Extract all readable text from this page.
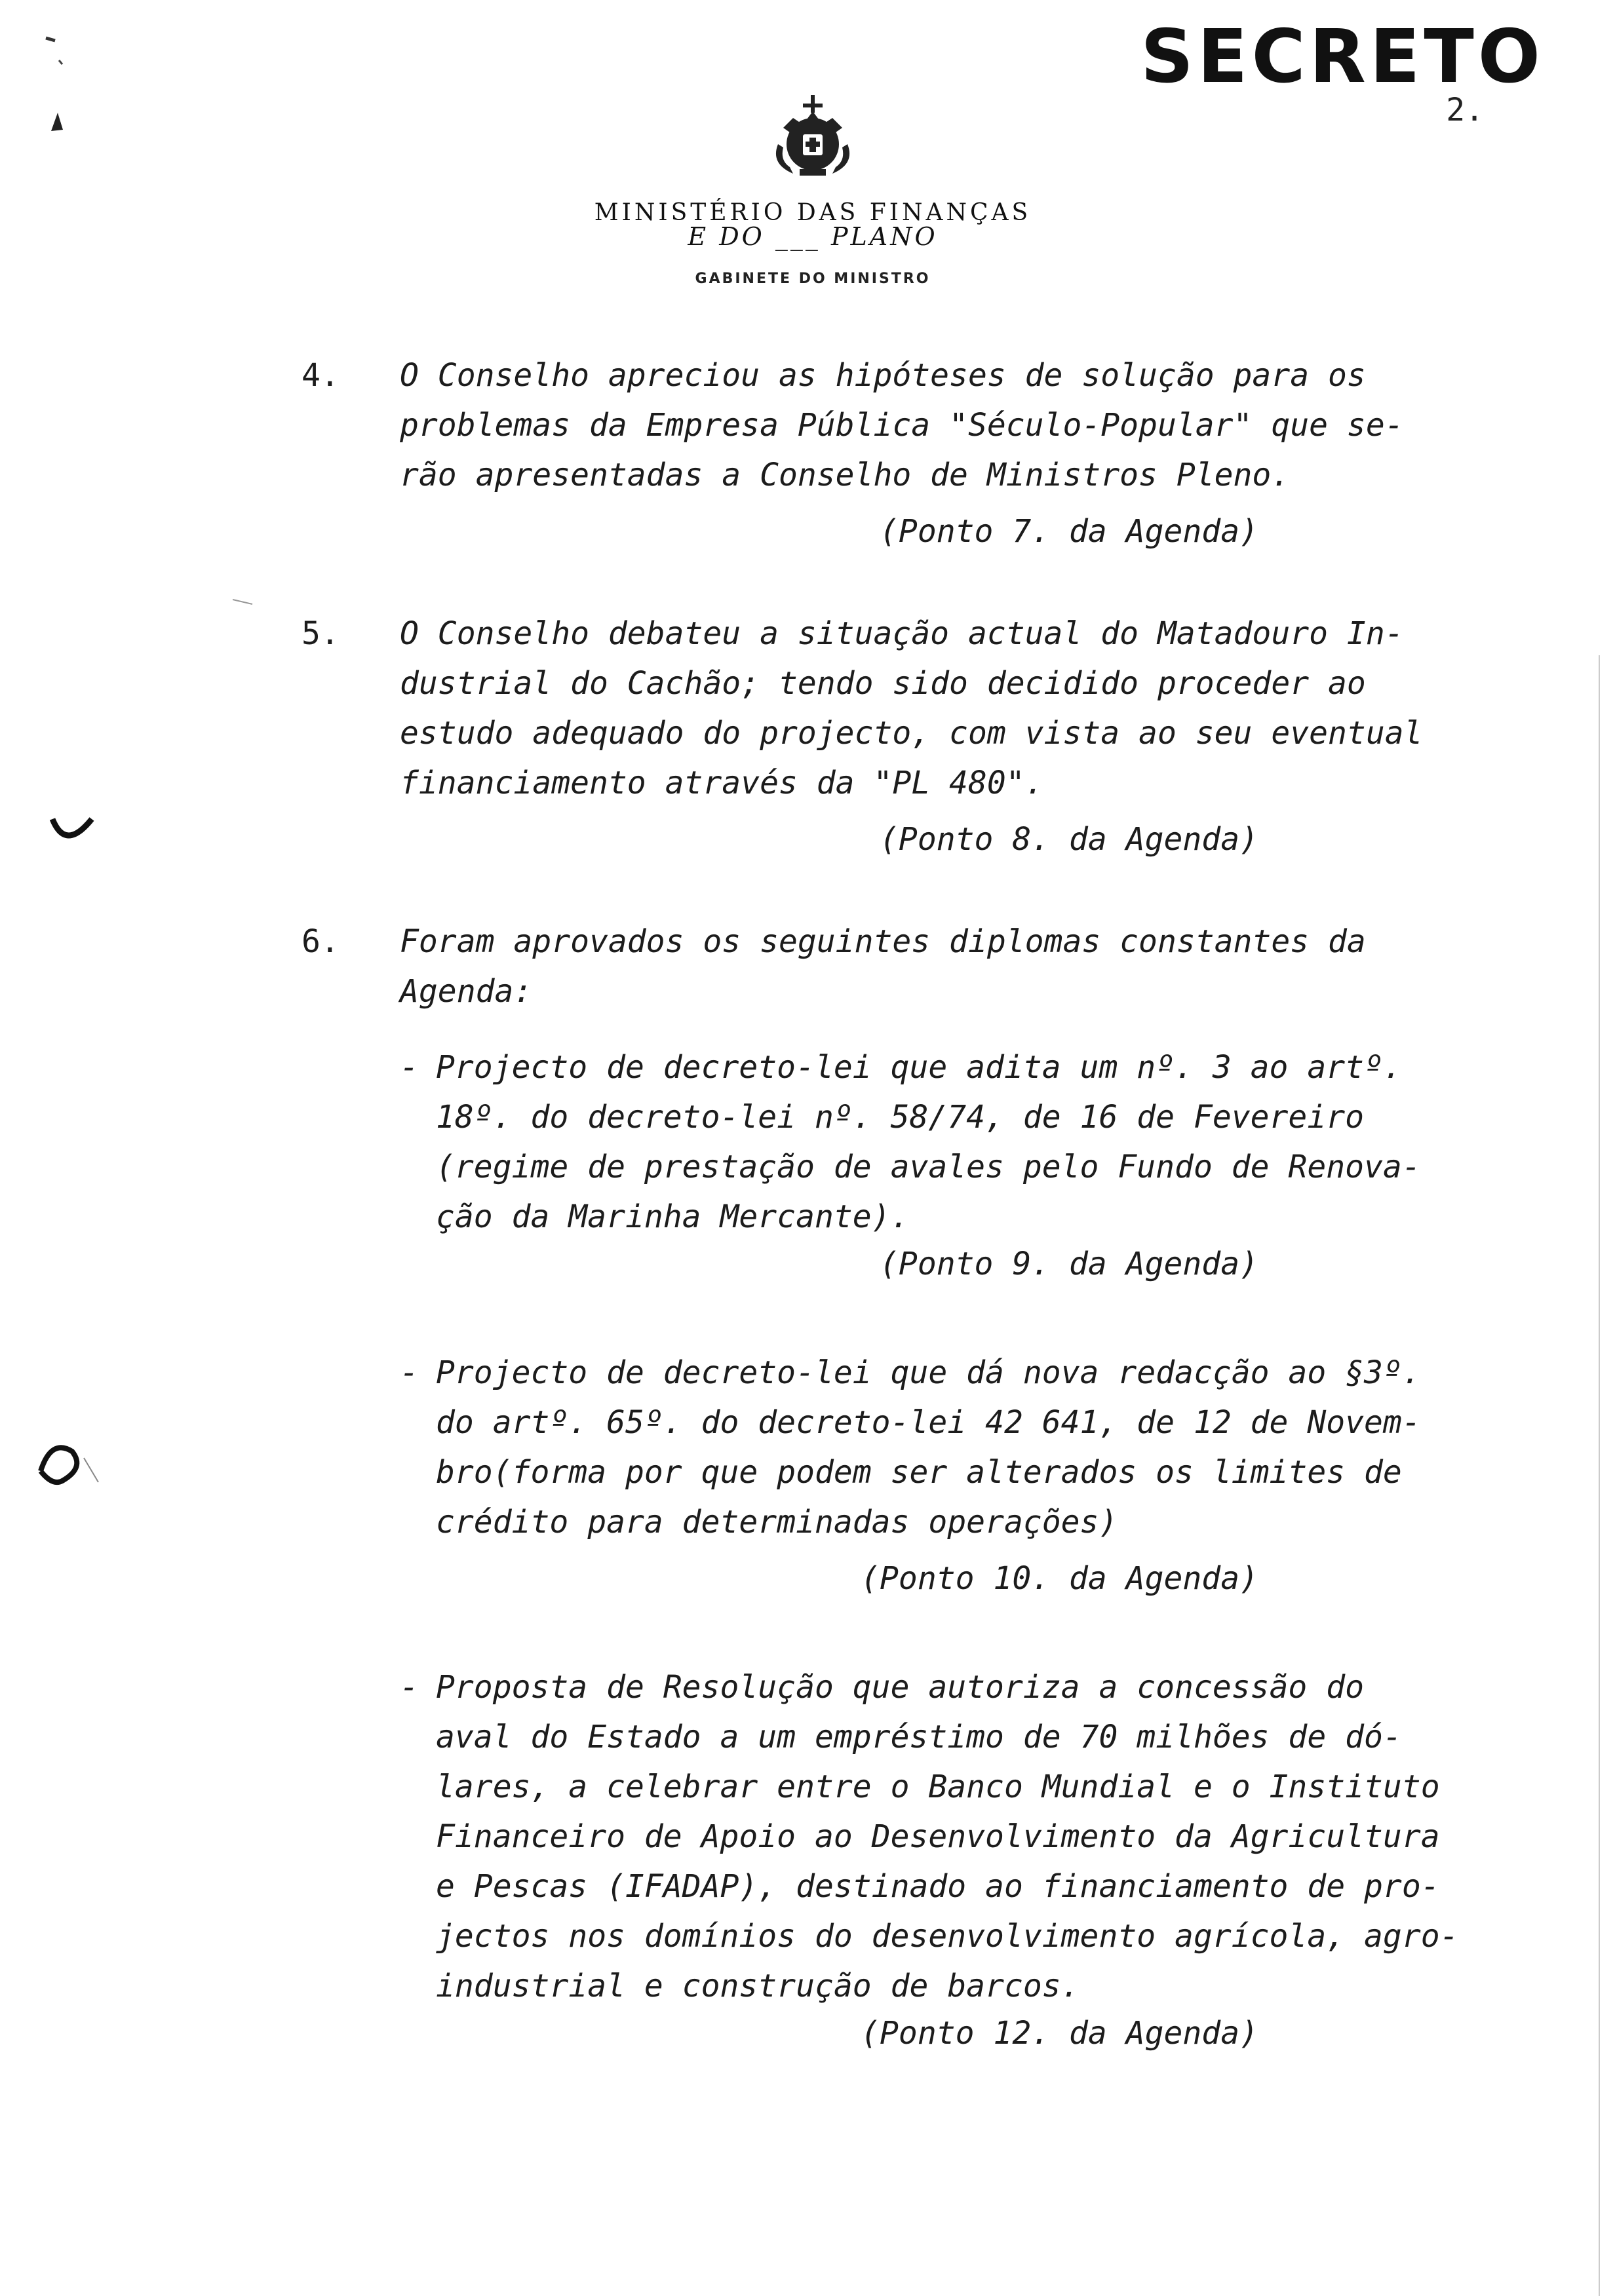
SECRETO
2.
MINISTÉRIO DAS FINANÇAS
E DO ___ PLANO
GABINETE DO MINISTRO
4. O Conselho apreciou as hipóteses de solução para os
problemas da Empresa Pública "Século-Popular" que se-
rão apresentadas a Conselho de Ministros Pleno.
(Ponto 7. da Agenda)
5. O Conselho debateu a situação actual do Matadouro In-
dustrial do Cachão; tendo sido decidido proceder ao
estudo adequado do projecto, com vista ao seu eventual
financiamento através da "PL 480".
(Ponto 8. da Agenda)
6. Foram aprovados os seguintes diplomas constantes da
Agenda:
- Projecto de decreto-lei que adita um nº. 3 ao artº.
18º. do decreto-lei nº. 58/74, de 16 de Fevereiro
(regime de prestação de avales pelo Fundo de Renova-
ção da Marinha Mercante).
(Ponto 9. da Agenda)
- Projecto de decreto-lei que dá nova redacção ao §3º.
do artº. 65º. do decreto-lei 42 641, de 12 de Novem-
bro(forma por que podem ser alterados os limites de
crédito para determinadas operações)
(Ponto 10. da Agenda)
- Proposta de Resolução que autoriza a concessão do
aval do Estado a um empréstimo de 70 milhões de dó-
lares, a celebrar entre o Banco Mundial e o Instituto
Financeiro de Apoio ao Desenvolvimento da Agricultura
e Pescas (IFADAP), destinado ao financiamento de pro-
jectos nos domínios do desenvolvimento agrícola, agro-
industrial e construção de barcos.
(Ponto 12. da Agenda)
